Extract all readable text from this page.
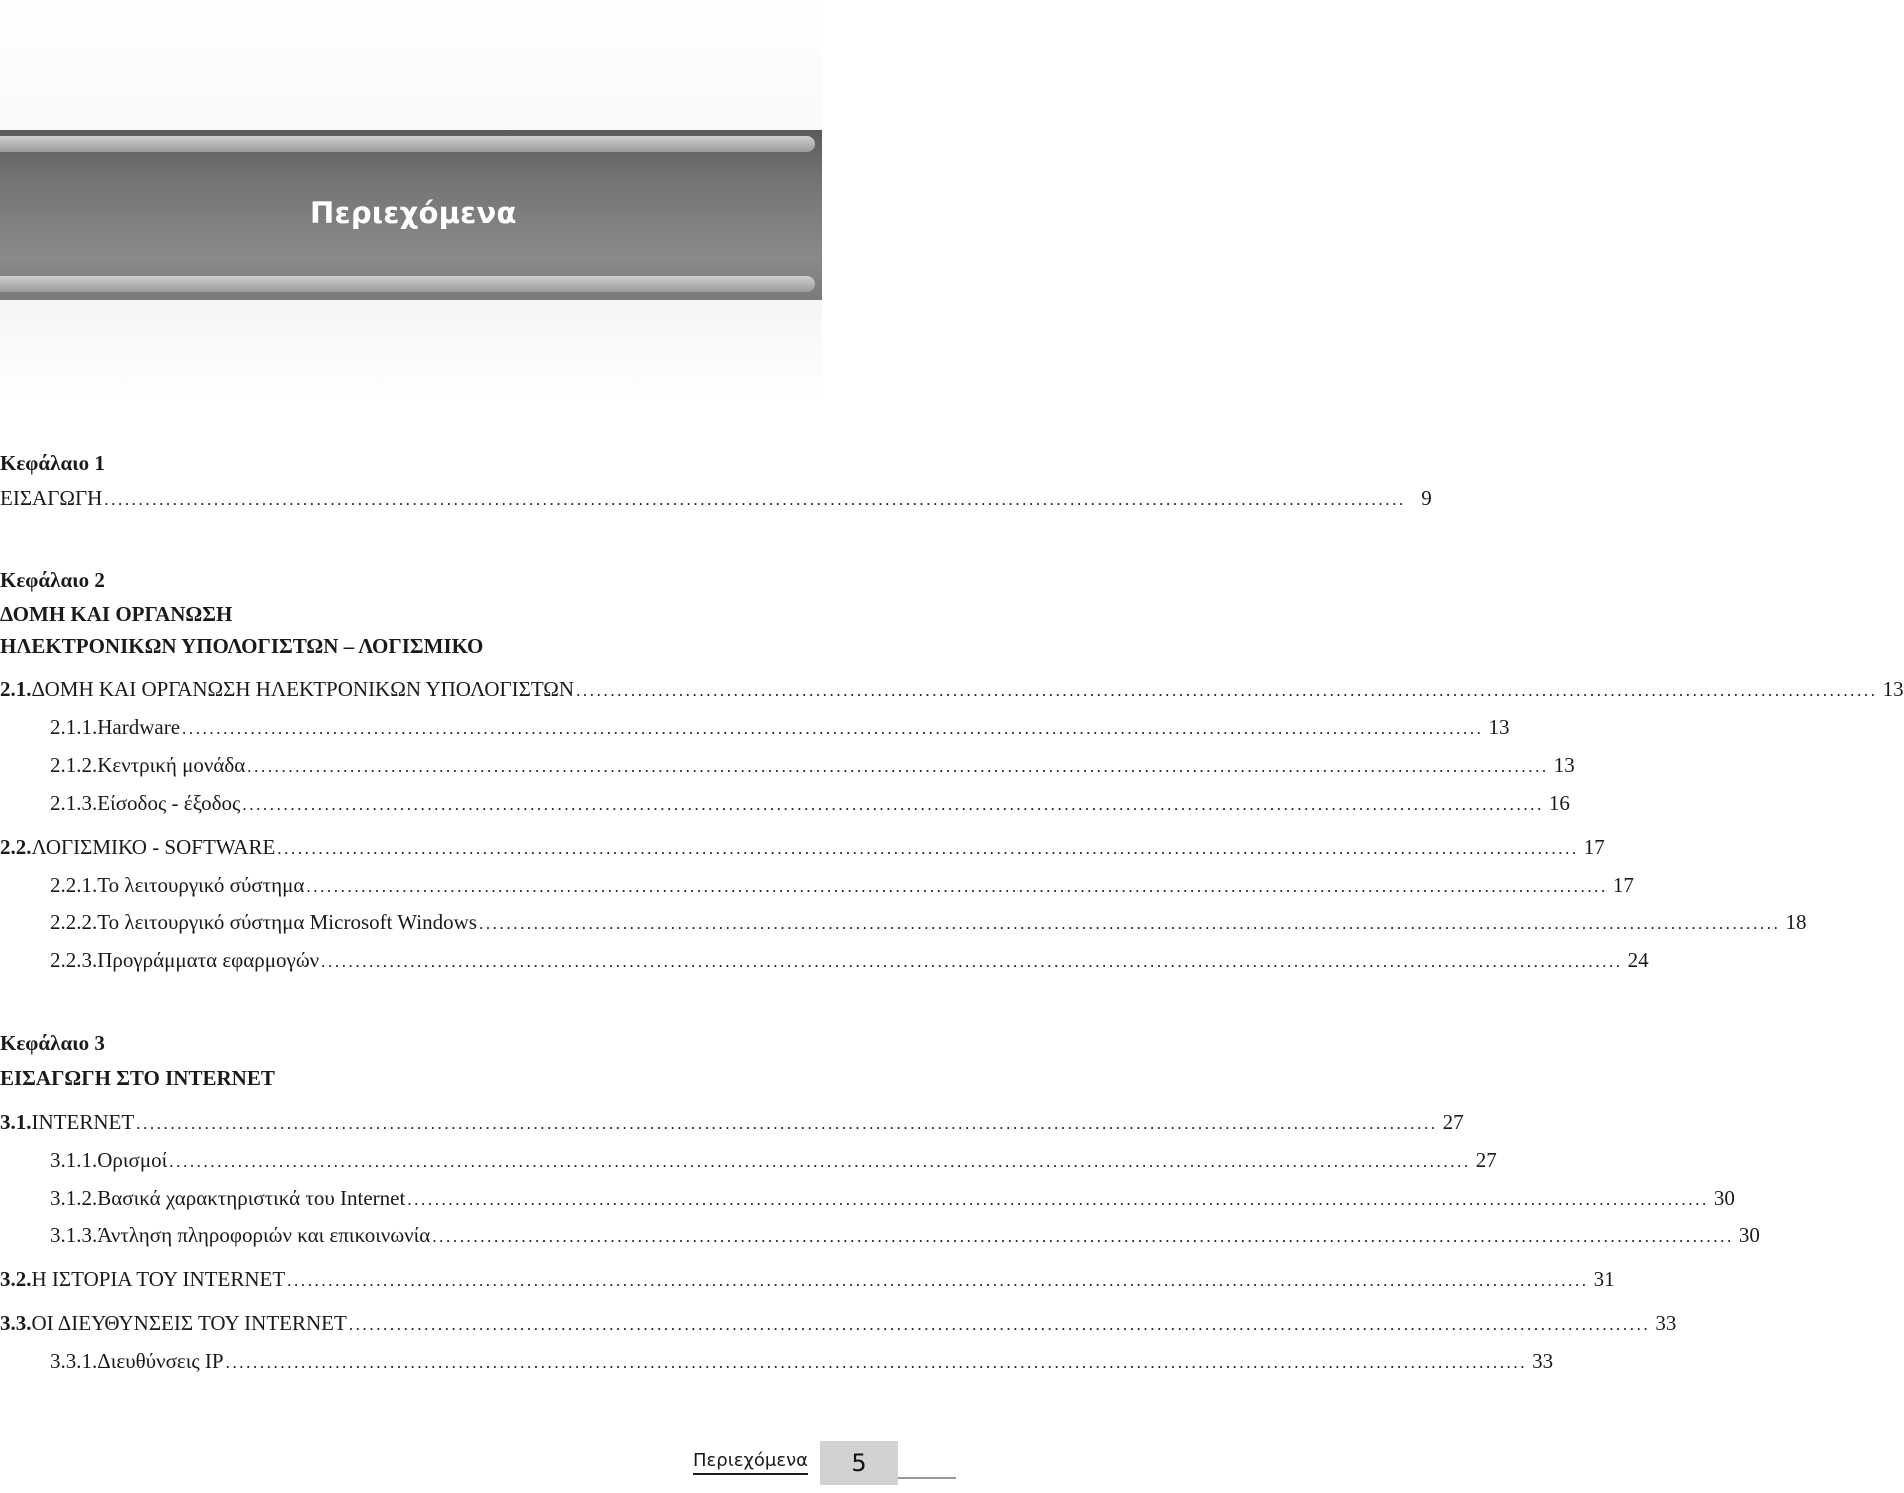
Περιεχόμενα
Κεφάλαιο 1
ΕΙΣΑΓΩΓΗ .............................................................................................................................................................................................. 9
Κεφάλαιο 2
ΔΟΜΗ ΚΑΙ ΟΡΓΑΝΩΣΗ
ΗΛΕΚΤΡΟΝΙΚΩΝ ΥΠΟΛΟΓΙΣΤΩΝ – ΛΟΓΙΣΜΙΚΟ
2.1. ΔΟΜΗ ΚΑΙ ΟΡΓΑΝΩΣΗ ΗΛΕΚΤΡΟΝΙΚΩΝ ΥΠΟΛΟΓΙΣΤΩΝ .............................................................................................................................................................................................. 13
2.1.1. Hardware .............................................................................................................................................................................................. 13
2.1.2. Κεντρική μονάδα .............................................................................................................................................................................................. 13
2.1.3. Είσοδος - έξοδος .............................................................................................................................................................................................. 16
2.2. ΛΟΓΙΣΜΙΚΟ - SOFTWARE .............................................................................................................................................................................................. 17
2.2.1. Το λειτουργικό σύστημα .............................................................................................................................................................................................. 17
2.2.2. Το λειτουργικό σύστημα Microsoft Windows .............................................................................................................................................................................................. 18
2.2.3. Προγράμματα εφαρμογών .............................................................................................................................................................................................. 24
Κεφάλαιο 3
ΕΙΣΑΓΩΓΗ ΣΤΟ INTERNET
3.1. INTERNET .............................................................................................................................................................................................. 27
3.1.1. Ορισμοί .............................................................................................................................................................................................. 27
3.1.2. Βασικά χαρακτηριστικά του Internet .............................................................................................................................................................................................. 30
3.1.3. Άντληση πληροφοριών και επικοινωνία .............................................................................................................................................................................................. 30
3.2. Η ΙΣΤΟΡΙΑ ΤΟΥ INTERNET .............................................................................................................................................................................................. 31
3.3. ΟΙ ΔΙΕΥΘΥΝΣΕΙΣ ΤΟΥ INTERNET .............................................................................................................................................................................................. 33
3.3.1. Διευθύνσεις IP .............................................................................................................................................................................................. 33
Περιεχόμενα	5
